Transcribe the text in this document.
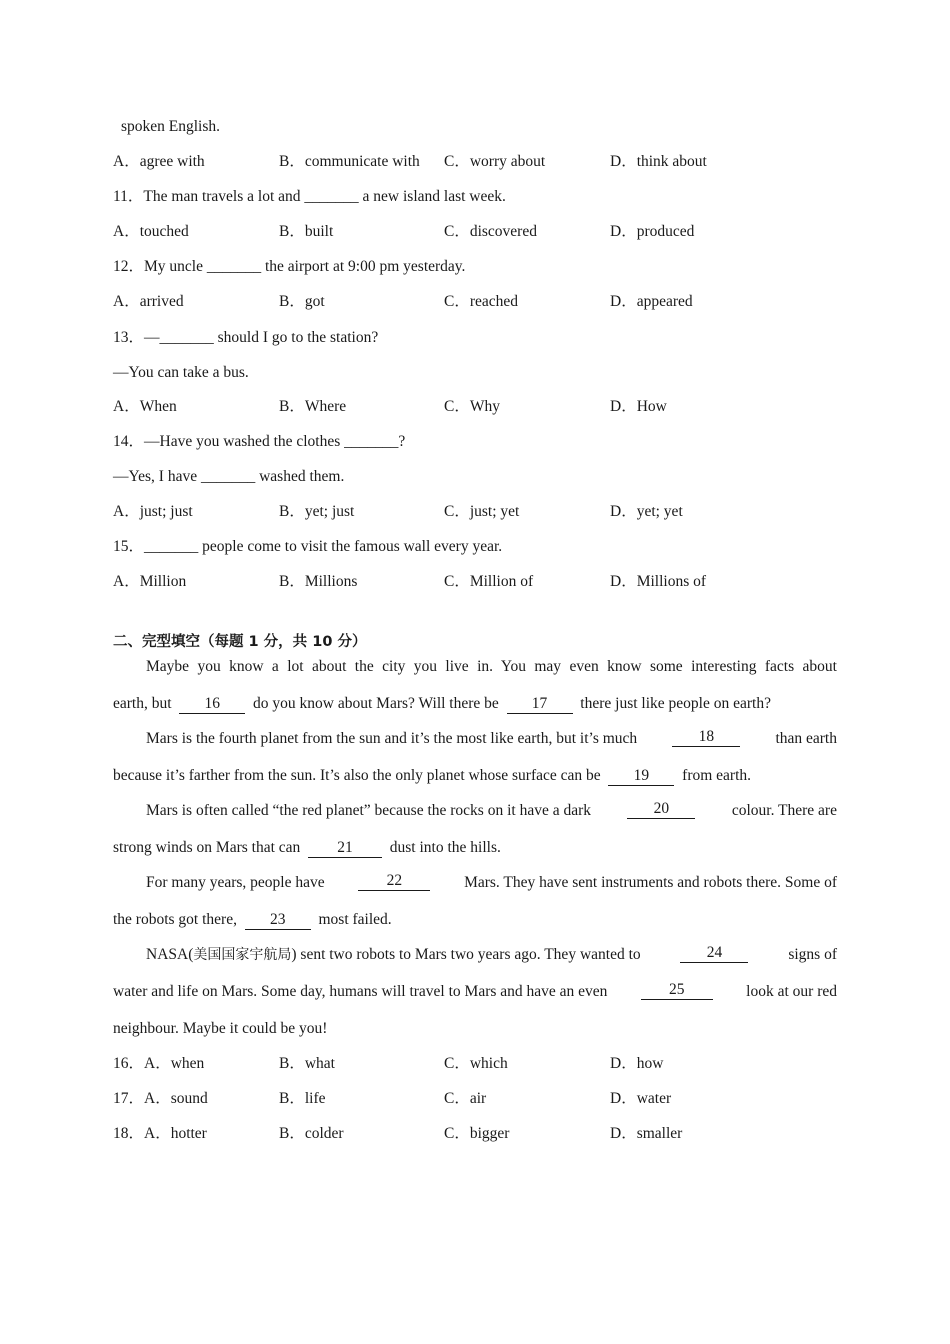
spoken English.
A．agree with	B．communicate with C．worry about	D．think about
11．The man travels a lot and _______ a new island last week.
A．touched	B．built	C．discovered	D．produced
12．My uncle _______ the airport at 9:00 pm yesterday.
A．arrived	B．got	C．reached	D．appeared
13．—_______ should I go to the station?
—You can take a bus.
A．When	B．Where	C．Why	D．How
14．—Have you washed the clothes _______?
—Yes, I have _______ washed them.
A．just; just	B．yet; just	C．just; yet	D．yet; yet
15．_______ people come to visit the famous wall every year.
A．Million	B．Millions	C．Million of	D．Millions of
二、完型填空（每题 1 分，共 10 分）
Maybe you know a lot about the city you live in. You may even know some interesting facts about
earth, but 16 do you know about Mars? Will there be 17 there just like people on earth?
Mars is the fourth planet from the sun and it’s the most like earth, but it’s much	18	than earth
because it’s farther from the sun. It’s also the only planet whose surface can be 19 from earth.
Mars is often called “the red planet” because the rocks on it have a dark	20	colour. There are
strong winds on Mars that can 21 dust into the hills.
For many years, people have	22	Mars. They have sent instruments and robots there. Some of
the robots got there, 23 most failed.
NASA(美国国家宇航局) sent two robots to Mars two years ago. They wanted to	24	signs of
water and life on Mars. Some day, humans will travel to Mars and have an even	25	look at our red
neighbour. Maybe it could be you!
16．A．when	B．what	C．which	D．how
17．A．sound	B．life	C．air	D．water
18．A．hotter	B．colder	C．bigger	D．smaller
